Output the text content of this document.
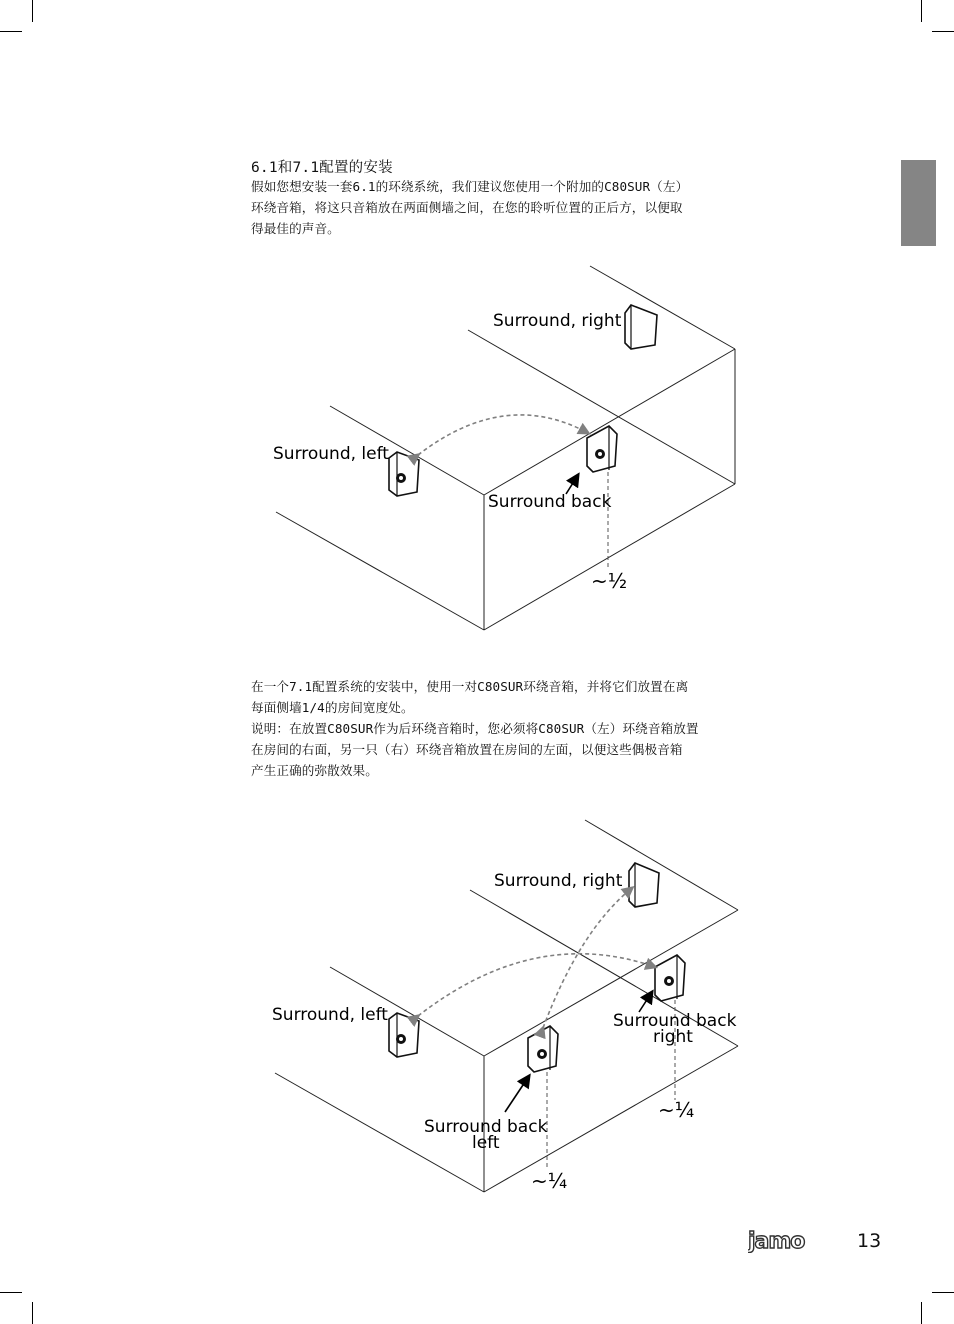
6.1和7.1配置的安装

假如您想安装一套6.1的环绕系统，我们建议您使用一个附加的C80SUR（左）

环绕音箱，将这只音箱放在两面侧墙之间，在您的聆听位置的正后方，以便取

得最佳的声音。

Surround, right
Surround, left
Surround back
~½

在一个7.1配置系统的安装中，使用一对C80SUR环绕音箱，并将它们放置在离

每面侧墙1/4的房间宽度处。

说明：在放置C80SUR作为后环绕音箱时，您必须将C80SUR（左）环绕音箱放置

在房间的右面，另一只（右）环绕音箱放置在房间的左面，以便这些偶极音箱

产生正确的弥散效果。

Surround, right
Surround, left	Surround back
right
Surround back
left
~¼
~¼
jamo	13
